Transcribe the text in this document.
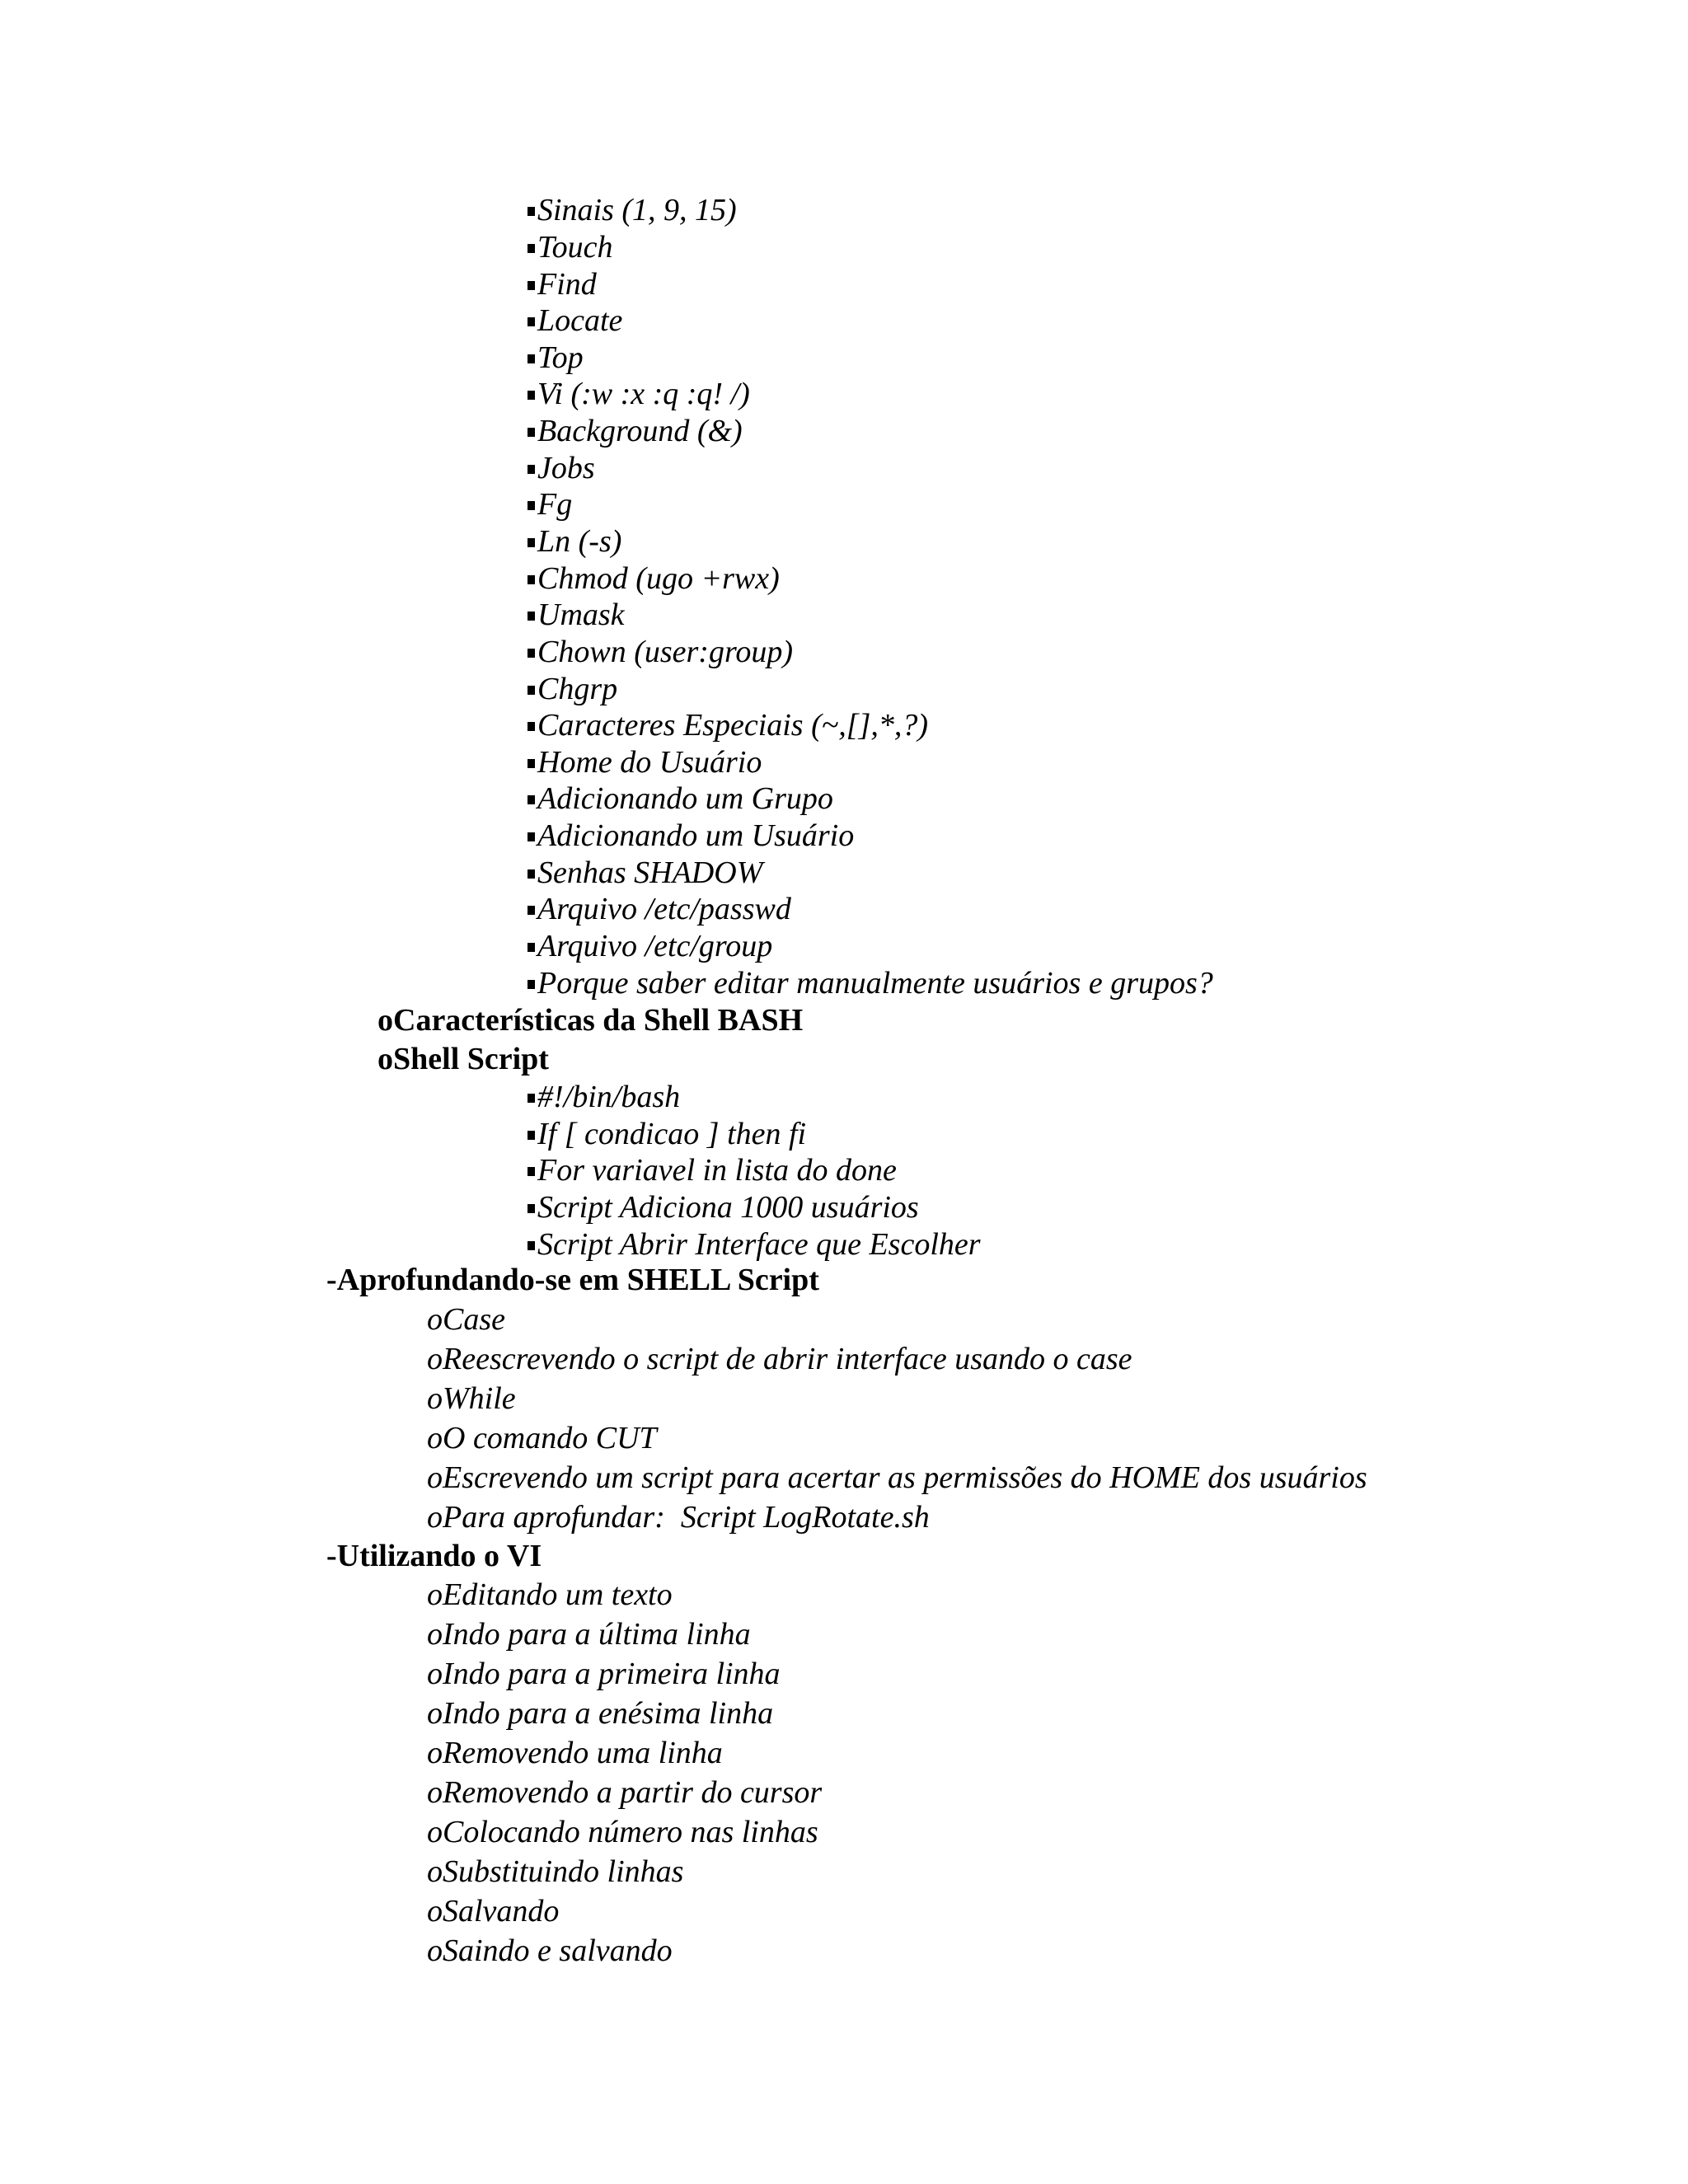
Sinais (1, 9, 15)
Touch
Find
Locate
Top
Vi (:w :x :q :q! /)
Background (&)
Jobs
Fg
Ln (-s)
Chmod (ugo +rwx)
Umask
Chown (user:group)
Chgrp
Caracteres Especiais (~,[],*,?)
Home do Usuário
Adicionando um Grupo
Adicionando um Usuário
Senhas SHADOW
Arquivo /etc/passwd
Arquivo /etc/group
Porque saber editar manualmente usuários e grupos?
oCaracterísticas da Shell BASH
oShell Script
#!/bin/bash
If [ condicao ] then fi
For variavel in lista do done
Script Adiciona 1000 usuários
Script Abrir Interface que Escolher
-Aprofundando-se em SHELL Script
oCase
oReescrevendo o script de abrir interface usando o case
oWhile
oO comando CUT
oEscrevendo um script para acertar as permissões do HOME dos usuários
oPara aprofundar:  Script LogRotate.sh
-Utilizando o VI
oEditando um texto
oIndo para a última linha
oIndo para a primeira linha
oIndo para a enésima linha
oRemovendo uma linha
oRemovendo a partir do cursor
oColocando número nas linhas
oSubstituindo linhas
oSalvando
oSaindo e salvando
